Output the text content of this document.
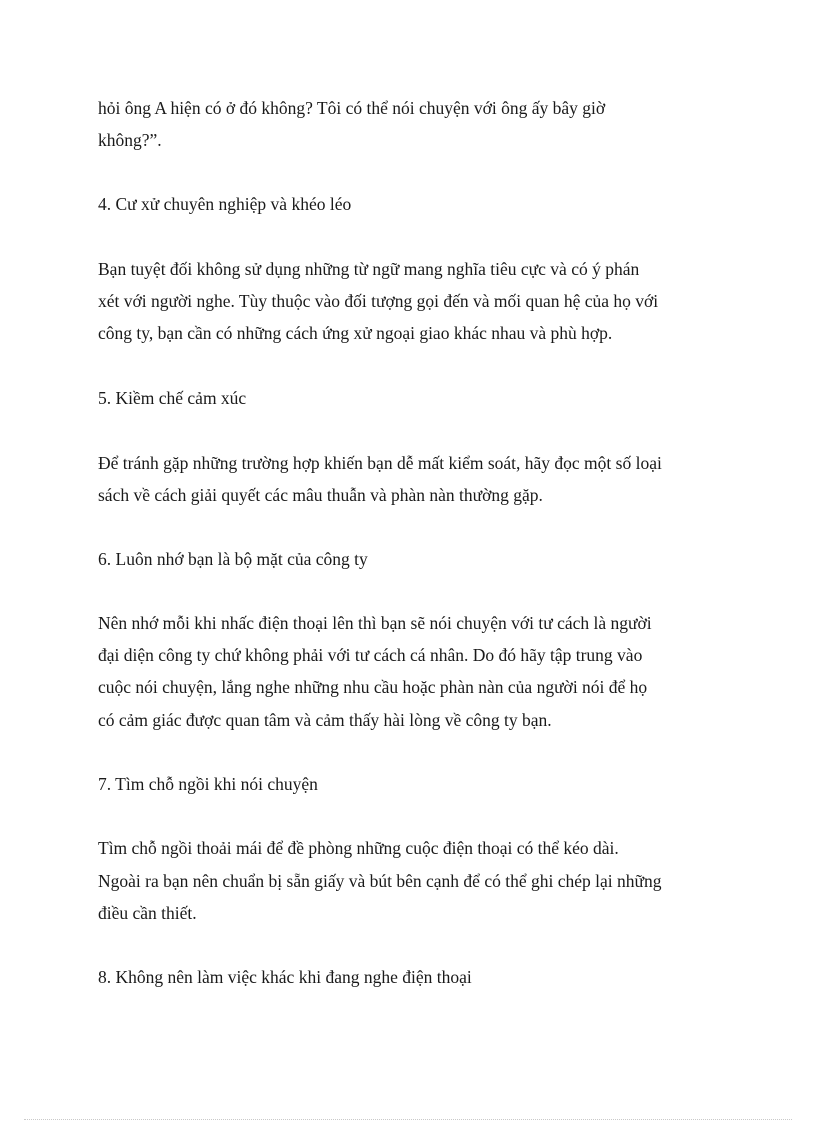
hỏi ông A hiện có ở đó không? Tôi có thể nói chuyện với ông ấy bây giờ

không?”.

4. Cư xử chuyên nghiệp và khéo léo

Bạn tuyệt đối không sử dụng những từ ngữ mang nghĩa tiêu cực và có ý phán

xét với người nghe. Tùy thuộc vào đối tượng gọi đến và mối quan hệ của họ với

công ty, bạn cần có những cách ứng xử ngoại giao khác nhau và phù hợp.

5. Kiềm chế cảm xúc

Để tránh gặp những trường hợp khiến bạn dễ mất kiểm soát, hãy đọc một số loại

sách về cách giải quyết các mâu thuẫn và phàn nàn thường gặp.

6. Luôn nhớ bạn là bộ mặt của công ty

Nên nhớ mỗi khi nhấc điện thoại lên thì bạn sẽ nói chuyện với tư cách là người

đại diện công ty chứ không phải với tư cách cá nhân. Do đó hãy tập trung vào

cuộc nói chuyện, lắng nghe những nhu cầu hoặc phàn nàn của người nói để họ

có cảm giác được quan tâm và cảm thấy hài lòng về công ty bạn.

7. Tìm chỗ ngồi khi nói chuyện

Tìm chỗ ngồi thoải mái để đề phòng những cuộc điện thoại có thể kéo dài.

Ngoài ra bạn nên chuẩn bị sẵn giấy và bút bên cạnh để có thể ghi chép lại những

điều cần thiết.

8. Không nên làm việc khác khi đang nghe điện thoại
